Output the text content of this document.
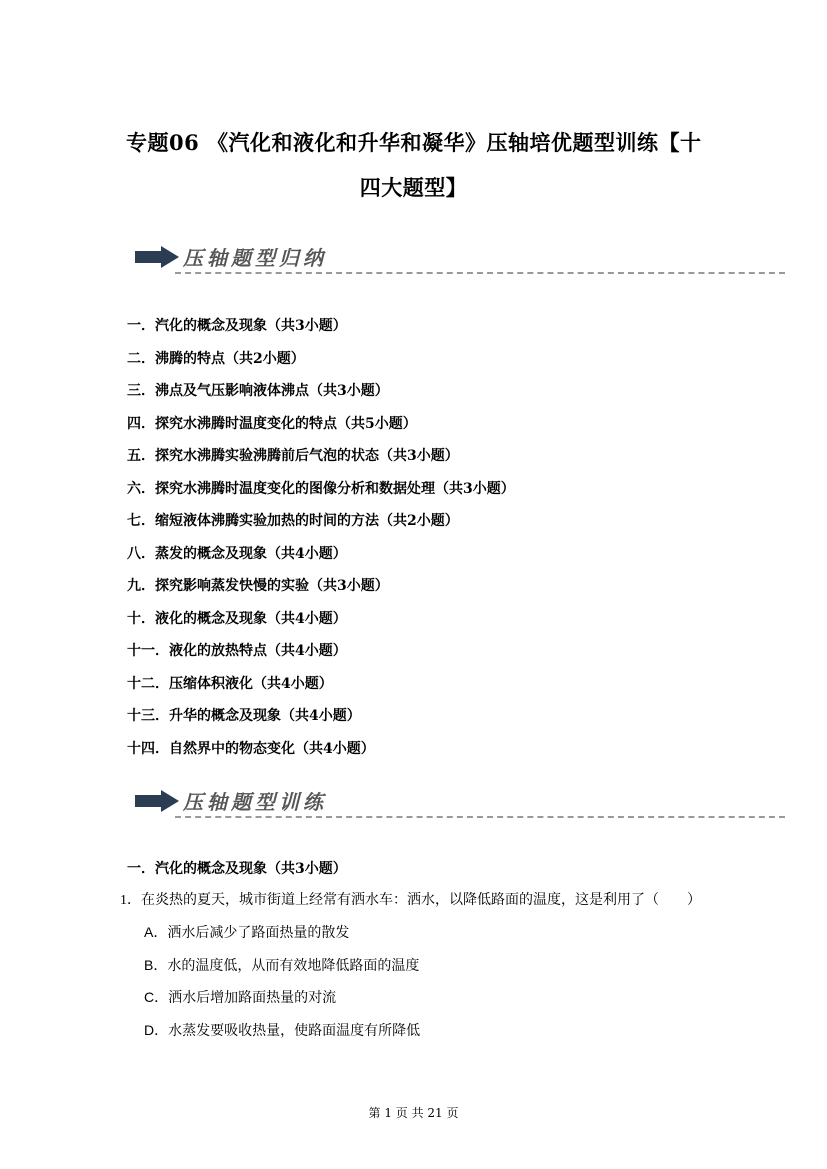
专题06 《汽化和液化和升华和凝华》压轴培优题型训练【十
四大题型】
压轴题型归纳
一．汽化的概念及现象（共3小题）
二．沸腾的特点（共2小题）
三．沸点及气压影响液体沸点（共3小题）
四．探究水沸腾时温度变化的特点（共5小题）
五．探究水沸腾实验沸腾前后气泡的状态（共3小题）
六．探究水沸腾时温度变化的图像分析和数据处理（共3小题）
七．缩短液体沸腾实验加热的时间的方法（共2小题）
八．蒸发的概念及现象（共4小题）
九．探究影响蒸发快慢的实验（共3小题）
十．液化的概念及现象（共4小题）
十一．液化的放热特点（共4小题）
十二．压缩体积液化（共4小题）
十三．升华的概念及现象（共4小题）
十四．自然界中的物态变化（共4小题）
压轴题型训练
一．汽化的概念及现象（共3小题）
1．在炎热的夏天，城市街道上经常有洒水车：洒水，以降低路面的温度，这是利用了（　　）
A．洒水后减少了路面热量的散发
B．水的温度低，从而有效地降低路面的温度
C．洒水后增加路面热量的对流
D．水蒸发要吸收热量，使路面温度有所降低
第 1 页 共 21 页
